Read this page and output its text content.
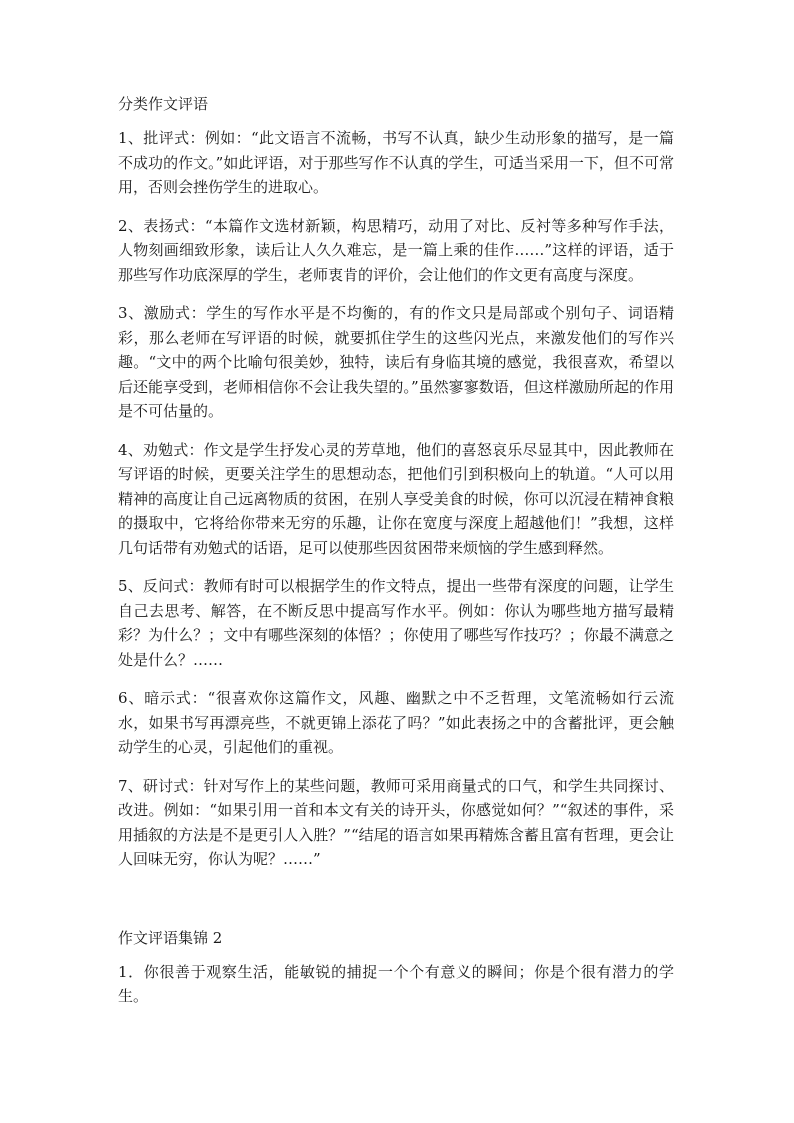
分类作文评语
1、批评式：例如：“此文语言不流畅，书写不认真，缺少生动形象的描写，是一篇不成功的作文。”如此评语，对于那些写作不认真的学生，可适当采用一下，但不可常用，否则会挫伤学生的进取心。
2、表扬式：“本篇作文选材新颖，构思精巧，动用了对比、反衬等多种写作手法，人物刻画细致形象，读后让人久久难忘，是一篇上乘的佳作……”这样的评语，适于那些写作功底深厚的学生，老师衷肯的评价，会让他们的作文更有高度与深度。
3、激励式：学生的写作水平是不均衡的，有的作文只是局部或个别句子、词语精彩，那么老师在写评语的时候，就要抓住学生的这些闪光点，来激发他们的写作兴趣。“文中的两个比喻句很美妙，独特，读后有身临其境的感觉，我很喜欢，希望以后还能享受到，老师相信你不会让我失望的。”虽然寥寥数语，但这样激励所起的作用是不可估量的。
4、劝勉式：作文是学生抒发心灵的芳草地，他们的喜怒哀乐尽显其中，因此教师在写评语的时候，更要关注学生的思想动态，把他们引到积极向上的轨道。“人可以用精神的高度让自己远离物质的贫困，在别人享受美食的时候，你可以沉浸在精神食粮的摄取中，它将给你带来无穷的乐趣，让你在宽度与深度上超越他们！”我想，这样几句话带有劝勉式的话语，足可以使那些因贫困带来烦恼的学生感到释然。
5、反问式：教师有时可以根据学生的作文特点，提出一些带有深度的问题，让学生自己去思考、解答，在不断反思中提高写作水平。例如：你认为哪些地方描写最精彩？为什么？；文中有哪些深刻的体悟？；你使用了哪些写作技巧？；你最不满意之处是什么？……
6、暗示式：“很喜欢你这篇作文，风趣、幽默之中不乏哲理，文笔流畅如行云流水，如果书写再漂亮些，不就更锦上添花了吗？”如此表扬之中的含蓄批评，更会触动学生的心灵，引起他们的重视。
7、研讨式：针对写作上的某些问题，教师可采用商量式的口气，和学生共同探讨、改进。例如：“如果引用一首和本文有关的诗开头，你感觉如何？”“叙述的事件，采用插叙的方法是不是更引人入胜？”“结尾的语言如果再精炼含蓄且富有哲理，更会让人回味无穷，你认为呢？……”
作文评语集锦 2
1．你很善于观察生活，能敏锐的捕捉一个个有意义的瞬间；你是个很有潜力的学生。
